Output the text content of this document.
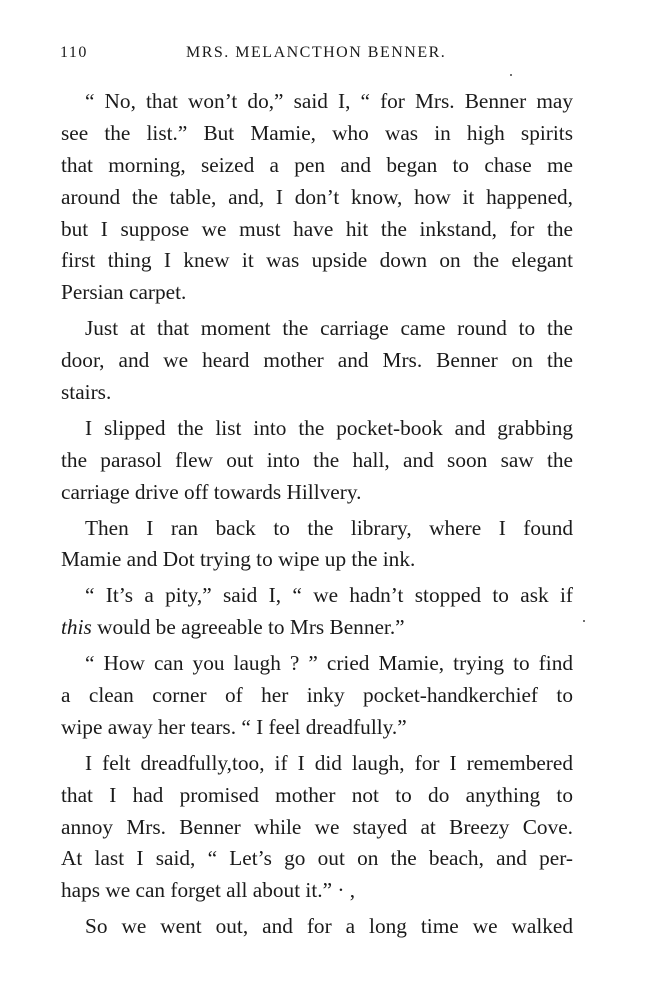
110	MRS. MELANCTHON BENNER.
“ No, that won’t do,” said I, “ for Mrs. Benner may
see the list.” But Mamie, who was in high spirits
that morning, seized a pen and began to chase me
around the table, and, I don’t know, how it happened,
but I suppose we must have hit the inkstand, for the
first thing I knew it was upside down on the elegant
Persian carpet.
Just at that moment the carriage came round to the
door, and we heard mother and Mrs. Benner on the
stairs.
I slipped the list into the pocket-book and grabbing
the parasol flew out into the hall, and soon saw the
carriage drive off towards Hillvery.
Then I ran back to the library, where I found
Mamie and Dot trying to wipe up the ink.
“ It’s a pity,” said I, “ we hadn’t stopped to ask if
this would be agreeable to Mrs Benner.”
“ How can you laugh ? ” cried Mamie, trying to find
a clean corner of her inky pocket-handkerchief to
wipe away her tears. “ I feel dreadfully.”
I felt dreadfully,too, if I did laugh, for I remembered
that I had promised mother not to do anything to
annoy Mrs. Benner while we stayed at Breezy Cove.
At last I said, “ Let’s go out on the beach, and per-
haps we can forget all about it.” · ,
So we went out, and for a long time we walked
